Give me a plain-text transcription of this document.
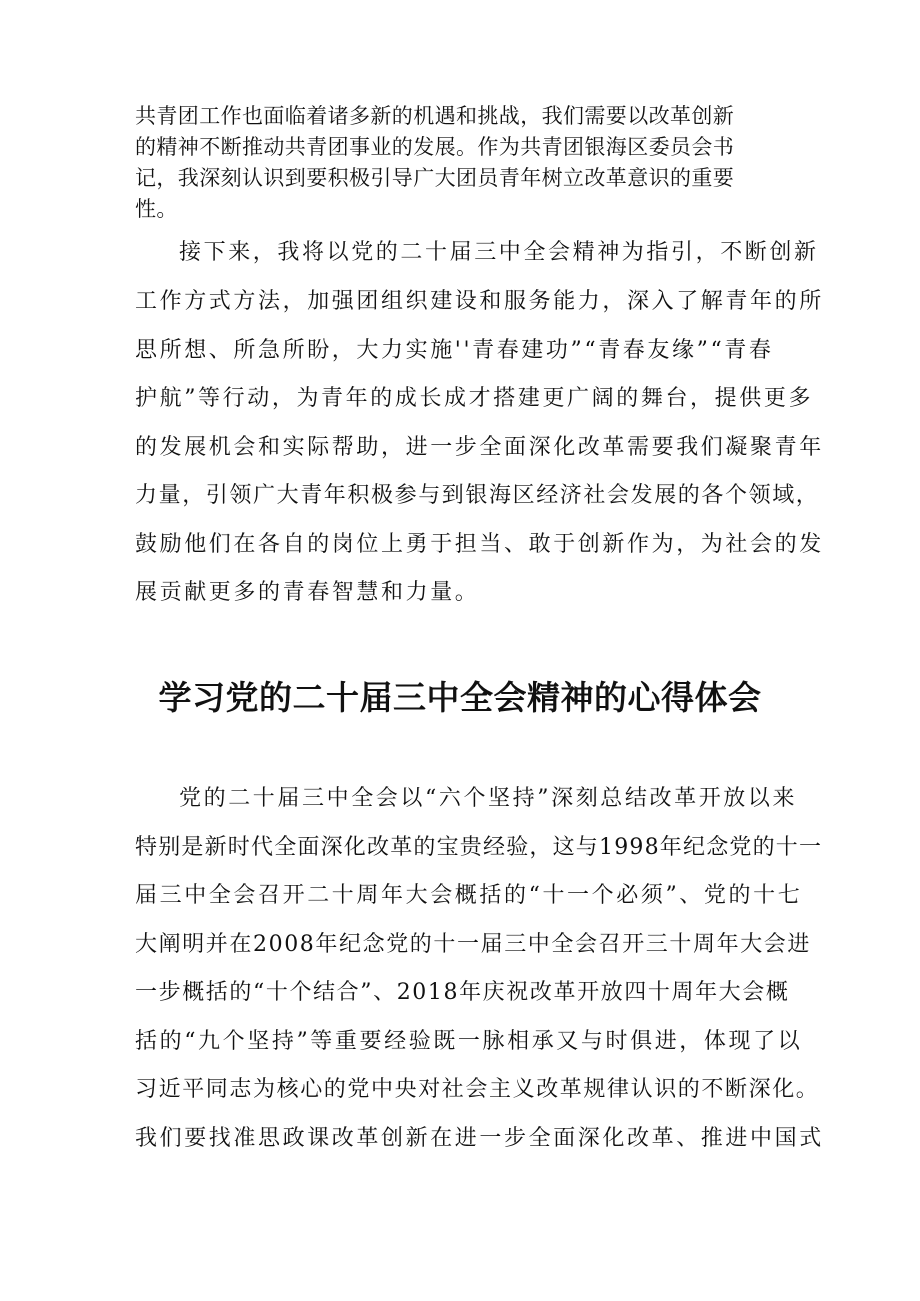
共青团工作也面临着诸多新的机遇和挑战，我们需要以改革创新

的精神不断推动共青团事业的发展。作为共青团银海区委员会书

记，我深刻认识到要积极引导广大团员青年树立改革意识的重要

性。

接下来，我将以党的二十届三中全会精神为指引，不断创新

工作方式方法，加强团组织建设和服务能力，深入了解青年的所

思所想、所急所盼，大力实施''青春建功”“青春友缘”“青春

护航”等行动，为青年的成长成才搭建更广阔的舞台，提供更多

的发展机会和实际帮助，进一步全面深化改革需要我们凝聚青年

力量，引领广大青年积极参与到银海区经济社会发展的各个领域，

鼓励他们在各自的岗位上勇于担当、敢于创新作为，为社会的发

展贡献更多的青春智慧和力量。

学习党的二十届三中全会精神的心得体会

党的二十届三中全会以“六个坚持”深刻总结改革开放以来

特别是新时代全面深化改革的宝贵经验，这与1998年纪念党的十一

届三中全会召开二十周年大会概括的“十一个必须”、党的十七

大阐明并在2008年纪念党的十一届三中全会召开三十周年大会进

一步概括的“十个结合”、2018年庆祝改革开放四十周年大会概

括的“九个坚持”等重要经验既一脉相承又与时俱进，体现了以

习近平同志为核心的党中央对社会主义改革规律认识的不断深化。

我们要找准思政课改革创新在进一步全面深化改革、推进中国式
